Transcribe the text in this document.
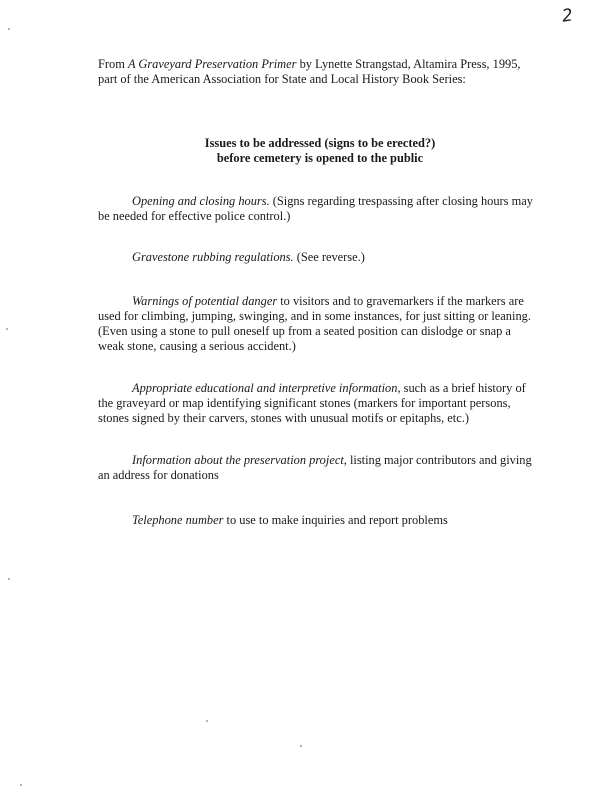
2
From A Graveyard Preservation Primer by Lynette Strangstad, Altamira Press, 1995,
part of the American Association for State and Local History Book Series:
Issues to be addressed (signs to be erected?)
before cemetery is opened to the public
Opening and closing hours. (Signs regarding trespassing after closing hours may be needed for effective police control.)
Gravestone rubbing regulations. (See reverse.)
Warnings of potential danger to visitors and to gravemarkers if the markers are used for climbing, jumping, swinging, and in some instances, for just sitting or leaning. (Even using a stone to pull oneself up from a seated position can dislodge or snap a weak stone, causing a serious accident.)
Appropriate educational and interpretive information, such as a brief history of the graveyard or map identifying significant stones (markers for important persons, stones signed by their carvers, stones with unusual motifs or epitaphs, etc.)
Information about the preservation project, listing major contributors and giving an address for donations
Telephone number to use to make inquiries and report problems
